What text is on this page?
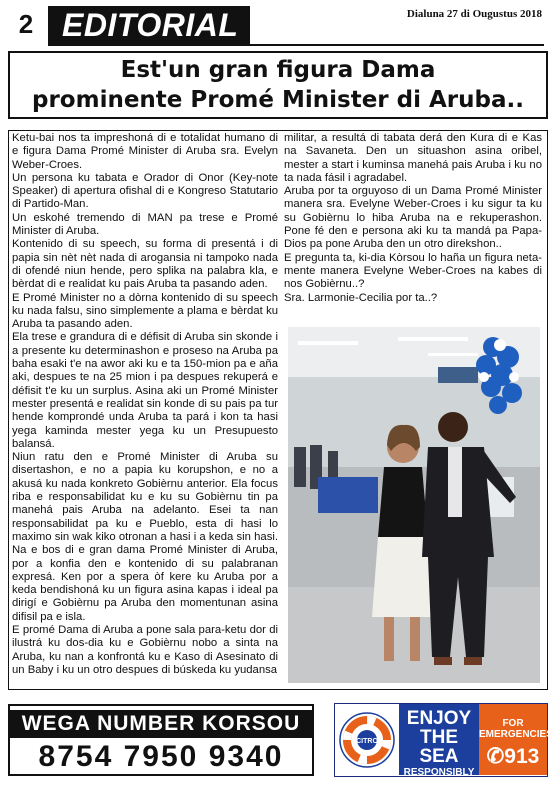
2 EDITORIAL	Dialuna 27 di Ougustus 2018
Est'un gran figura Dama
prominente Promé Minister di Aruba..

Ketu-bai nos ta impreshoná di e totalidat humano di e figura Dama Promé Minister di Aruba sra. Evelyn Weber-Croes.

Un persona ku tabata e Orador di Onor (Key-note Speaker) di apertura ofishal di e Kongreso Statutario di Partido-Man.

Un eskohé tremendo di MAN pa trese e Promé Minister di Aruba.

Kontenido di su speech, su forma di presentá i di papia sin nèt nèt nada di arogansia ni tampoko nada di ofendé niun hende, pero splika na palabra kla, e bèrdat di e realidat ku pais Aruba ta pasando aden.

E Promé Minister no a dòrna kontenido di su speech ku nada falsu, sino simplemente a plama e bèrdat ku Aruba ta pasando aden.

Ela trese e grandura di e défisit di Aruba sin skonde i a presente ku determinashon e proseso na Aruba pa baha esaki t'e na awor aki ku e ta 150-mion pa e aña aki, despues te na 25 mion i pa despues rekuperá e défisit t'e ku un surplus. Asina aki un Promé Minister mester presentá e realidat sin konde di su pais pa tur hende komprondé unda Aruba ta pará i kon ta hasi yega kaminda mester yega ku un Presupuesto balansá.

Niun ratu den e Promé Minister di Aruba su disertashon, e no a papia ku korupshon, e no a akusá ku nada konkreto Gobièrnu anterior. Ela focus riba e responsabilidat ku e ku su Gobièrnu tin pa manehá pais Aruba na adelanto. Esei ta nan responsabilidat pa ku e Pueblo, esta di hasi lo maximo sin wak kiko otronan a hasi i a keda sin hasi. Na e bos di e gran dama Promé Minister di Aruba, por a konfia den e kontenido di su palabranan expresá. Ken por a spera òf kere ku Aruba por a keda bendishoná ku un figura asina kapas i ideal pa dirigí e Gobièrnu pa Aruba den momentunan asina difisil pa e isla.

E promé Dama di Aruba a pone sala para-ketu dor di ilustrá ku dos-dia ku e Gobièrnu nobo a sinta na Aruba, ku nan a konfrontá ku e Kaso di Asesinato di un Baby i ku un otro despues di búskeda ku yudansa

militar, a resultá di tabata derá den Kura di e Kas na Savaneta. Den un situashon asina oribel, mester a start i kuminsa manehá pais Aruba i ku no ta nada fásil i agradabel.

Aruba por ta orguyoso di un Dama Promé Minister manera sra. Evelyne Weber-Croes i ku sigur ta ku su Gobièrnu lo hiba Aruba na e rekuperashon. Pone fé den e persona aki ku ta mandá pa Papa-Dios pa pone Aruba den un otro direkshon..

E pregunta ta, ki-dia Kòrsou lo haña un figura neta-mente manera Evelyne Weber-Croes na kabes di nos Gobièrnu..?

Sra. Larmonie-Cecilia por ta..?

WEGA NUMBER KORSOU
8754 7950 9340	CITRO
ENJOY
THE SEA
RESPONSIBLY
WWW.CITRO.ORG
FOR EMERGENCIES
✆913
